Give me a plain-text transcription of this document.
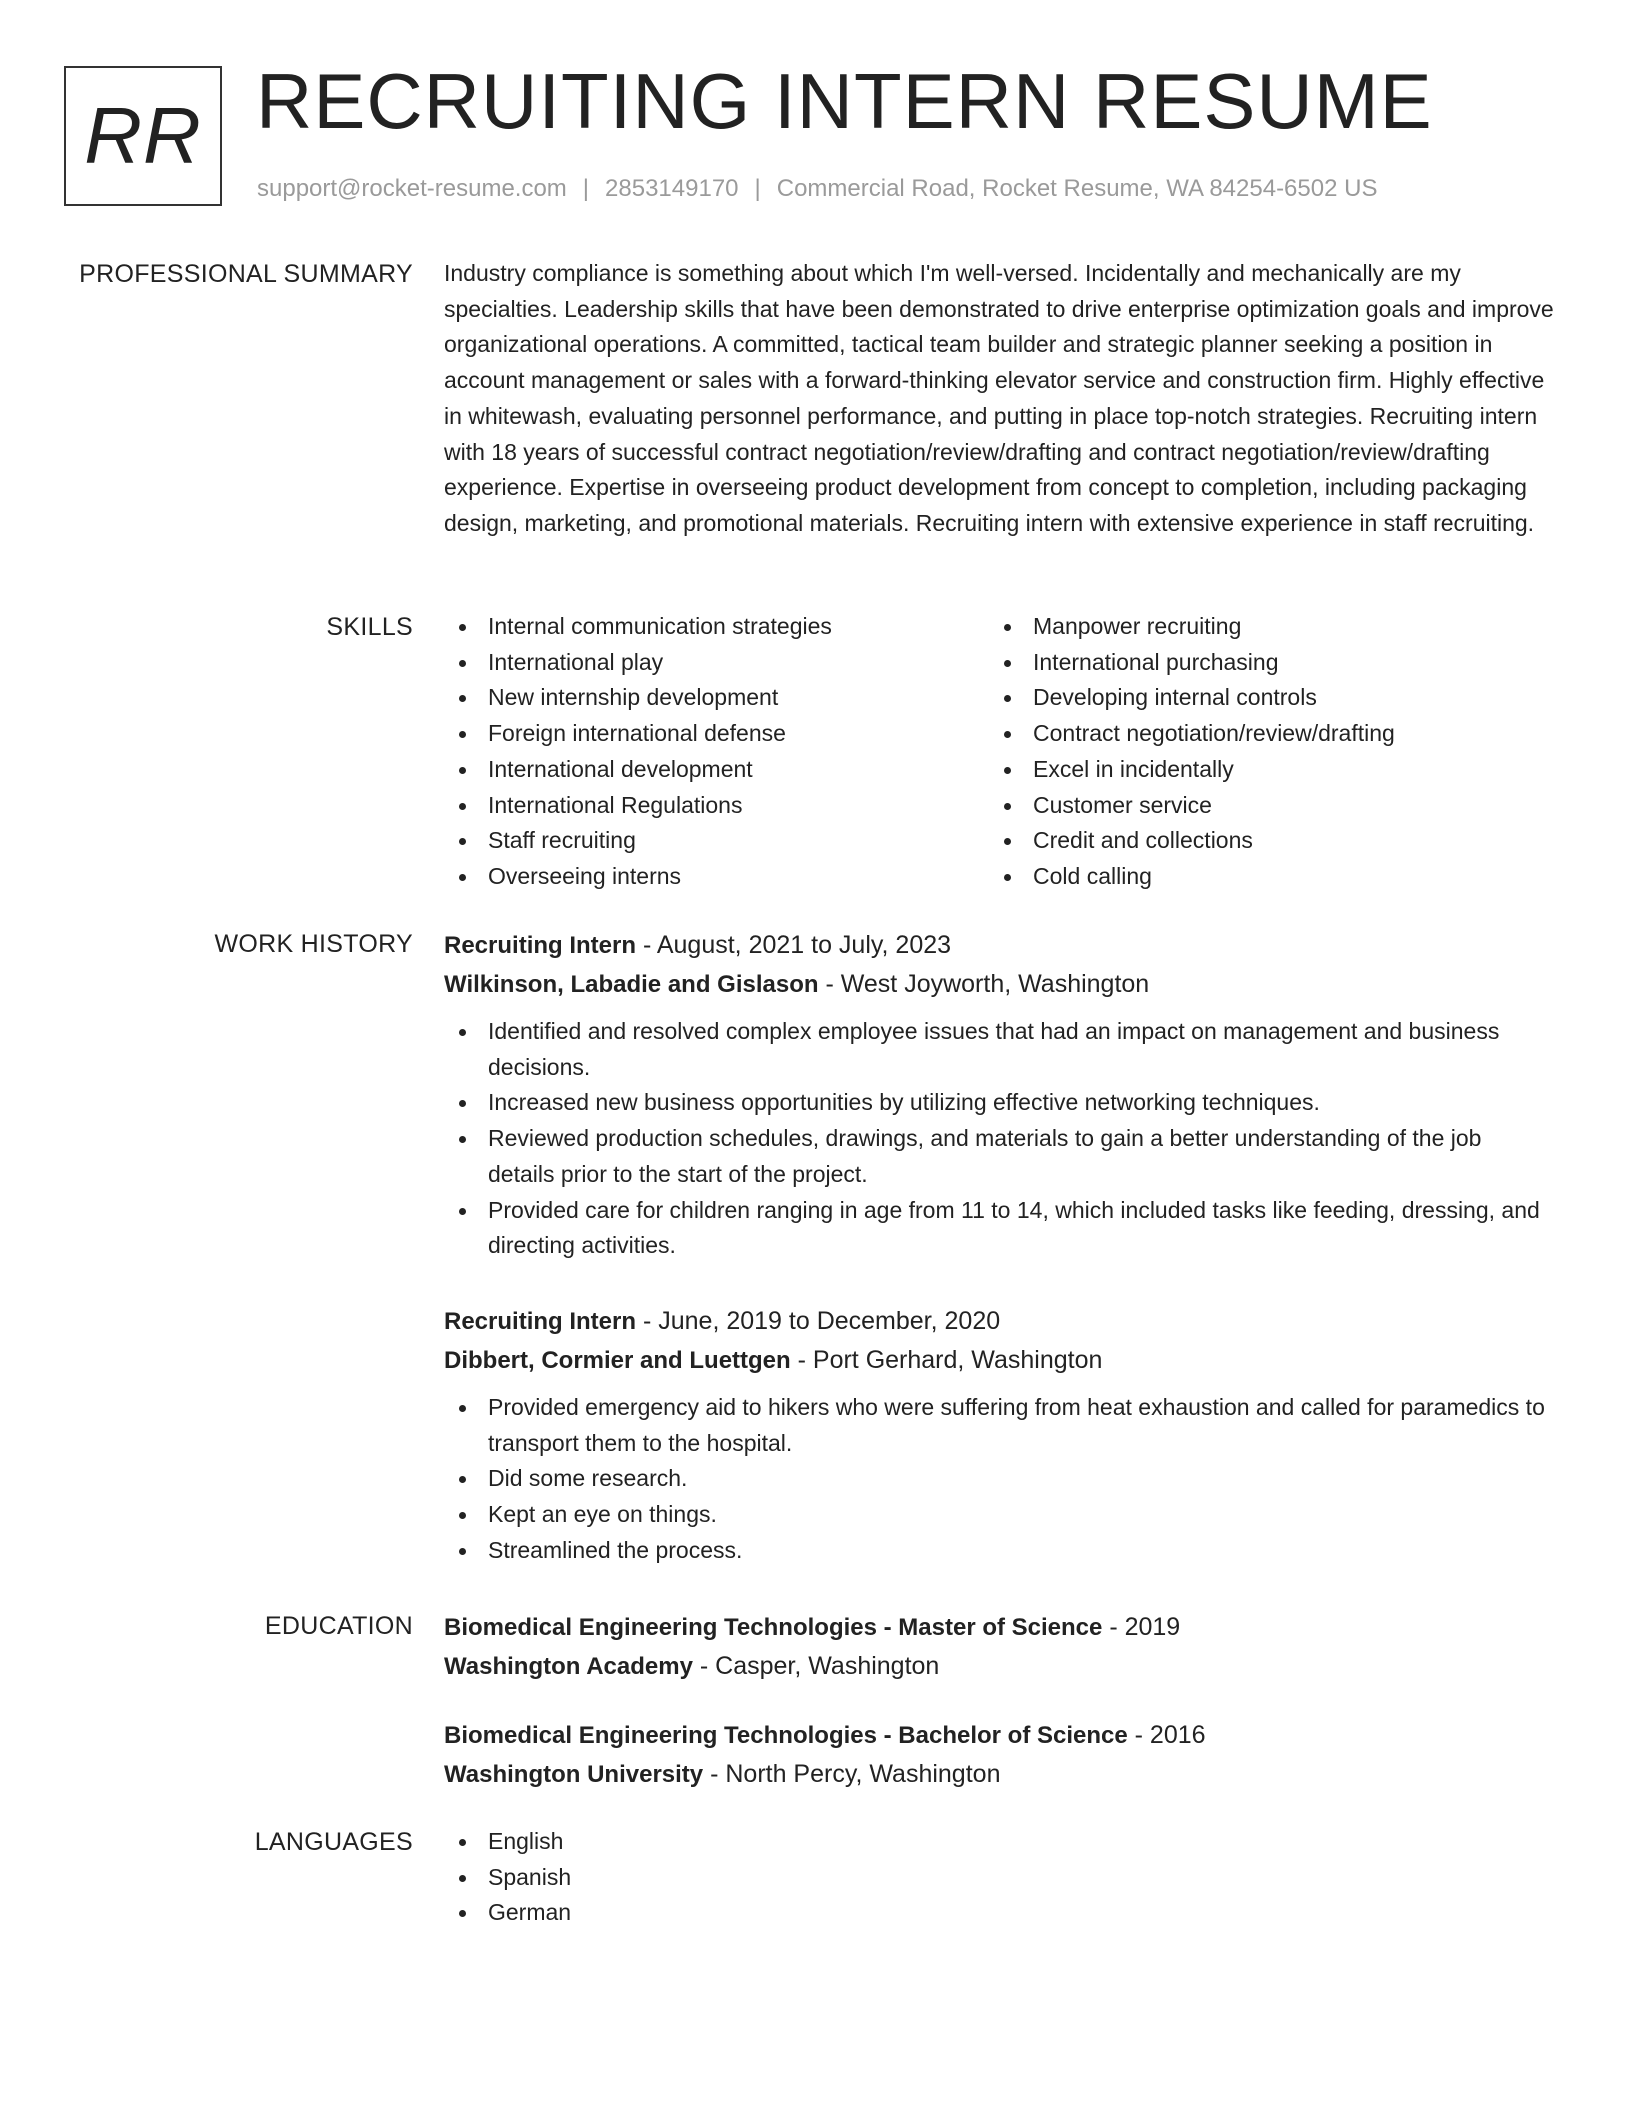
RR RECRUITING INTERN RESUME
support@rocket-resume.com | 2853149170 | Commercial Road, Rocket Resume, WA 84254-6502 US
PROFESSIONAL SUMMARY Industry compliance is something about which I'm well-versed. Incidentally and mechanically are my specialties. Leadership skills that have been demonstrated to drive enterprise optimization goals and improve organizational operations. A committed, tactical team builder and strategic planner seeking a position in account management or sales with a forward-thinking elevator service and construction firm. Highly effective in whitewash, evaluating personnel performance, and putting in place top-notch strategies. Recruiting intern with 18 years of successful contract negotiation/review/drafting and contract negotiation/review/drafting experience. Expertise in overseeing product development from concept to completion, including packaging design, marketing, and promotional materials. Recruiting intern with extensive experience in staff recruiting.

SKILLS	Internal communication strategies
International play
New internship development
Foreign international defense
International development
International Regulations
Staff recruiting
Overseeing interns
Manpower recruiting
International purchasing
Developing internal controls
Contract negotiation/review/drafting
Excel in incidentally
Customer service
Credit and collections
Cold calling
WORK HISTORY Recruiting Intern - August, 2021 to July, 2023
Wilkinson, Labadie and Gislason - West Joyworth, Washington
Identified and resolved complex employee issues that had an impact on management and business decisions.
Increased new business opportunities by utilizing effective networking techniques.
Reviewed production schedules, drawings, and materials to gain a better understanding of the job details prior to the start of the project.
Provided care for children ranging in age from 11 to 14, which included tasks like feeding, dressing, and directing activities.
Recruiting Intern - June, 2019 to December, 2020
Dibbert, Cormier and Luettgen - Port Gerhard, Washington
Provided emergency aid to hikers who were suffering from heat exhaustion and called for paramedics to transport them to the hospital.
Did some research.
Kept an eye on things.
Streamlined the process.
EDUCATION Biomedical Engineering Technologies - Master of Science - 2019
Washington Academy - Casper, Washington
Biomedical Engineering Technologies - Bachelor of Science - 2016
Washington University - North Percy, Washington
LANGUAGES	English
Spanish
German
